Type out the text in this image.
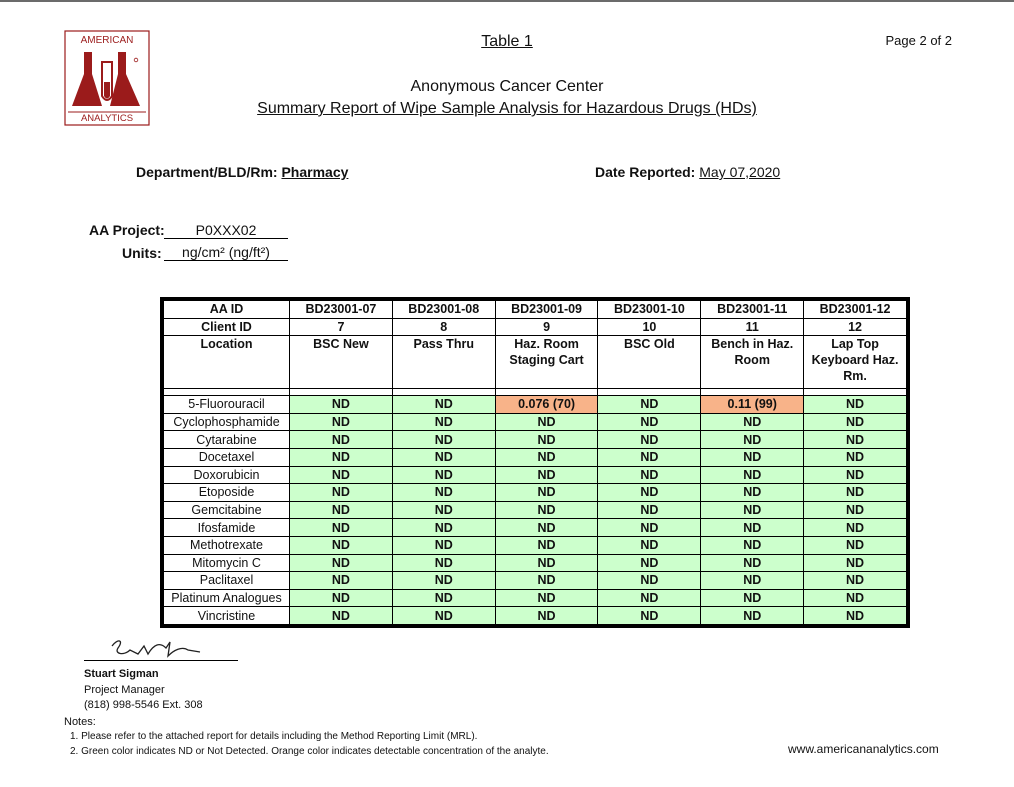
AMERICAN
ANALYTICS
Table 1	Page 2 of 2
Anonymous Cancer Center
Summary Report of Wipe Sample Analysis for Hazardous Drugs (HDs)
Department/BLD/Rm: Pharmacy	Date Reported: May 07,2020
AA Project:	P0XXX02
Units:	ng/cm² (ng/ft²)
AA ID	BD23001-07	BD23001-08	BD23001-09	BD23001-10	BD23001-11	BD23001-12
Client ID	7	8	9	10	11	12
Location	BSC New	Pass Thru	Haz. Room Staging Cart	BSC Old	Bench in Haz. Room	Lap Top Keyboard Haz. Rm.

5-Fluorouracil	ND	ND	0.076 (70)	ND	0.11 (99)	ND
Cyclophosphamide	ND	ND	ND	ND	ND	ND
Cytarabine	ND	ND	ND	ND	ND	ND
Docetaxel	ND	ND	ND	ND	ND	ND
Doxorubicin	ND	ND	ND	ND	ND	ND
Etoposide	ND	ND	ND	ND	ND	ND
Gemcitabine	ND	ND	ND	ND	ND	ND
Ifosfamide	ND	ND	ND	ND	ND	ND
Methotrexate	ND	ND	ND	ND	ND	ND
Mitomycin C	ND	ND	ND	ND	ND	ND
Paclitaxel	ND	ND	ND	ND	ND	ND
Platinum Analogues	ND	ND	ND	ND	ND	ND
Vincristine	ND	ND	ND	ND	ND	ND
Stuart Sigman
Project Manager
(818) 998-5546 Ext. 308
Notes:
1. Please refer to the attached report for details including the Method Reporting Limit (MRL).
2. Green color indicates ND or Not Detected. Orange color indicates detectable concentration of the analyte.	www.americananalytics.com
